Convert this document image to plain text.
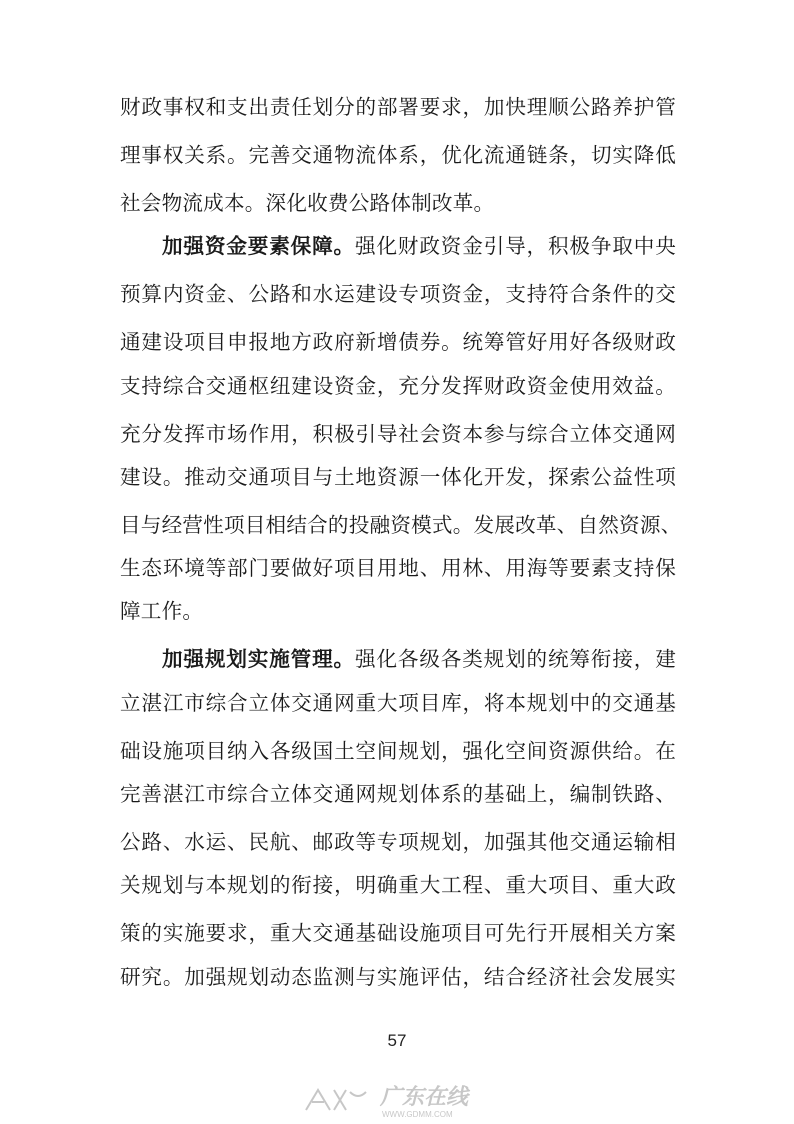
财政事权和支出责任划分的部署要求，加快理顺公路养护管
理事权关系。完善交通物流体系，优化流通链条，切实降低
社会物流成本。深化收费公路体制改革。
加强资金要素保障。强化财政资金引导，积极争取中央
预算内资金、公路和水运建设专项资金，支持符合条件的交
通建设项目申报地方政府新增债券。统筹管好用好各级财政
支持综合交通枢纽建设资金，充分发挥财政资金使用效益。
充分发挥市场作用，积极引导社会资本参与综合立体交通网
建设。推动交通项目与土地资源一体化开发，探索公益性项
目与经营性项目相结合的投融资模式。发展改革、自然资源、
生态环境等部门要做好项目用地、用林、用海等要素支持保
障工作。
加强规划实施管理。强化各级各类规划的统筹衔接，建
立湛江市综合立体交通网重大项目库，将本规划中的交通基
础设施项目纳入各级国土空间规划，强化空间资源供给。在
完善湛江市综合立体交通网规划体系的基础上，编制铁路、
公路、水运、民航、邮政等专项规划，加强其他交通运输相
关规划与本规划的衔接，明确重大工程、重大项目、重大政
策的实施要求，重大交通基础设施项目可先行开展相关方案
研究。加强规划动态监测与实施评估，结合经济社会发展实
57
广东在线
WWW.GDMM.COM
